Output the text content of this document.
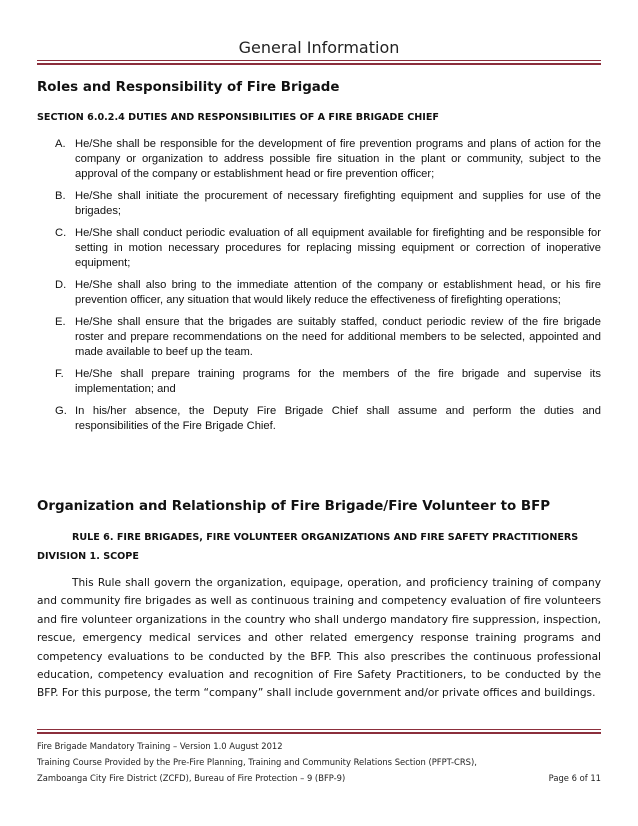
General Information
Roles and Responsibility of Fire Brigade
SECTION 6.0.2.4 DUTIES AND RESPONSIBILITIES OF A FIRE BRIGADE CHIEF
A. He/She shall be responsible for the development of fire prevention programs and plans of action for the company or organization to address possible fire situation in the plant or community, subject to the approval of the company or establishment head or fire prevention officer;
B. He/She shall initiate the procurement of necessary firefighting equipment and supplies for use of the brigades;
C. He/She shall conduct periodic evaluation of all equipment available for firefighting and be responsible for setting in motion necessary procedures for replacing missing equipment or correction of inoperative equipment;
D. He/She shall also bring to the immediate attention of the company or establishment head, or his fire prevention officer, any situation that would likely reduce the effectiveness of firefighting operations;
E. He/She shall ensure that the brigades are suitably staffed, conduct periodic review of the fire brigade roster and prepare recommendations on the need for additional members to be selected, appointed and made available to beef up the team.
F. He/She shall prepare training programs for the members of the fire brigade and supervise its implementation; and
G. In his/her absence, the Deputy Fire Brigade Chief shall assume and perform the duties and responsibilities of the Fire Brigade Chief.
Organization and Relationship of Fire Brigade/Fire Volunteer to BFP
RULE 6. FIRE BRIGADES, FIRE VOLUNTEER ORGANIZATIONS AND FIRE SAFETY PRACTITIONERS
DIVISION 1. SCOPE

This Rule shall govern the organization, equipage, operation, and proficiency training of company and community fire brigades as well as continuous training and competency evaluation of fire volunteers and fire volunteer organizations in the country who shall undergo mandatory fire suppression, inspection, rescue, emergency medical services and other related emergency response training programs and competency evaluations to be conducted by the BFP. This also prescribes the continuous professional education, competency evaluation and recognition of Fire Safety Practitioners, to be conducted by the BFP. For this purpose, the term “company” shall include government and/or private offices and buildings.

Fire Brigade Mandatory Training – Version 1.0 August 2012
Training Course Provided by the Pre-Fire Planning, Training and Community Relations Section (PFPT-CRS),
Zamboanga City Fire District (ZCFD), Bureau of Fire Protection – 9 (BFP-9)	Page 6 of 11
